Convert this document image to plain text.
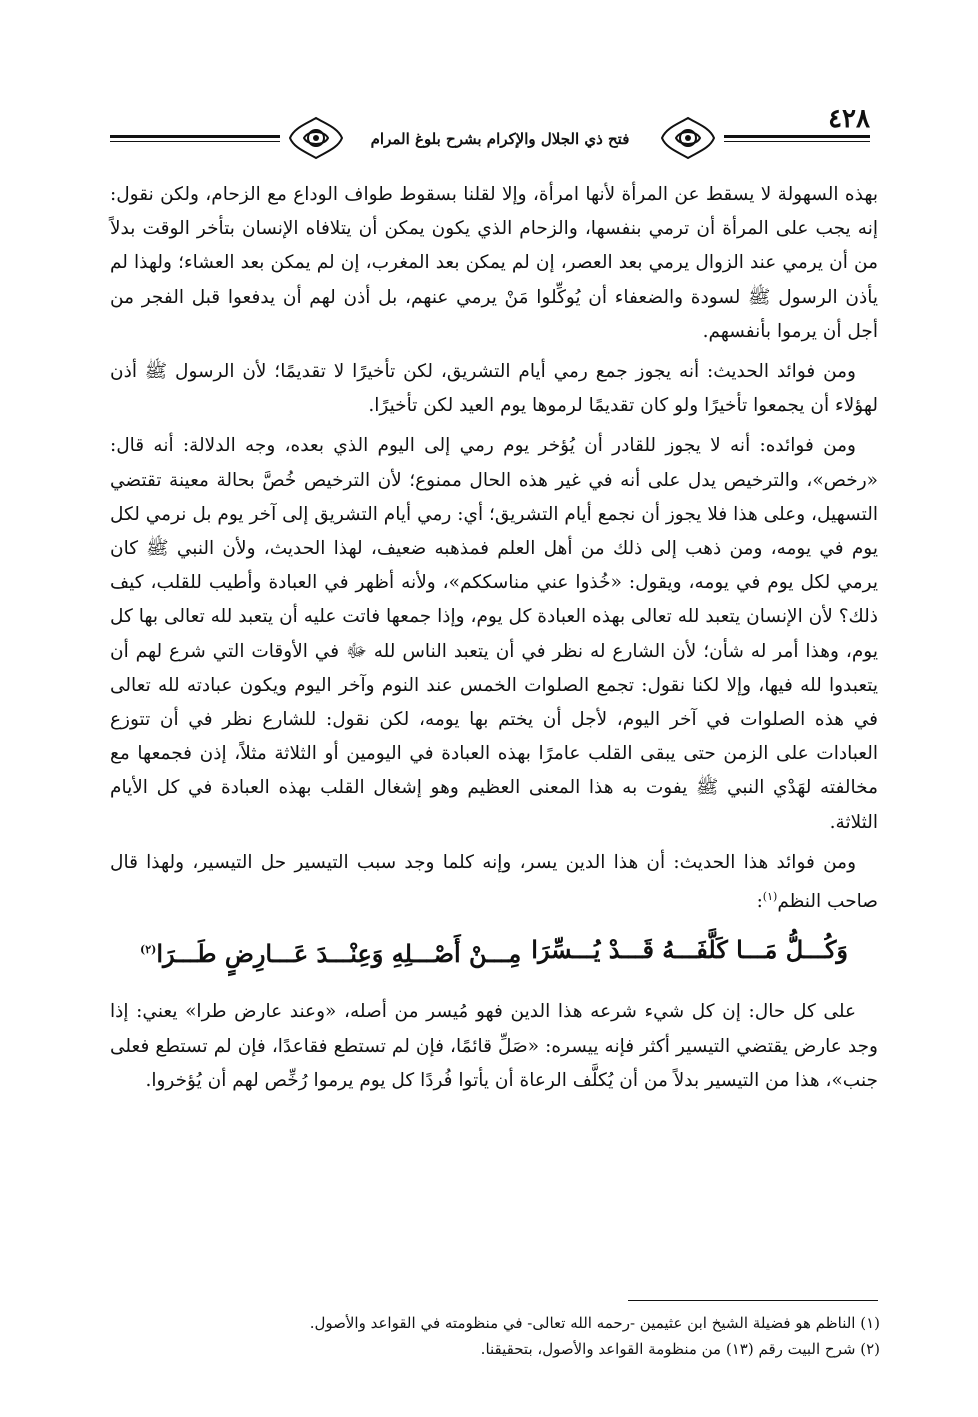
فتح ذي الجلال والإكرام بشرح بلوغ المرام
٤٢٨

بهذه السهولة لا يسقط عن المرأة لأنها امرأة، وإلا لقلنا بسقوط طواف الوداع مع الزحام، ولكن نقول: إنه يجب على المرأة أن ترمي بنفسها، والزحام الذي يكون يمكن أن يتلافاه الإنسان بتأخر الوقت بدلاً من أن يرمي عند الزوال يرمي بعد العصر، إن لم يمكن بعد المغرب، إن لم يمكن بعد العشاء؛ ولهذا لم يأذن الرسول ﷺ لسودة والضعفاء أن يُوكِّلوا مَنْ يرمي عنهم، بل أذن لهم أن يدفعوا قبل الفجر من أجل أن يرموا بأنفسهم.

ومن فوائد الحديث: أنه يجوز جمع رمي أيام التشريق، لكن تأخيرًا لا تقديمًا؛ لأن الرسول ﷺ أذن لهؤلاء أن يجمعوا تأخيرًا ولو كان تقديمًا لرموها يوم العيد لكن تأخيرًا.

ومن فوائده: أنه لا يجوز للقادر أن يُؤخر يوم رمي إلى اليوم الذي بعده، وجه الدلالة: أنه قال: «رخص»، والترخيص يدل على أنه في غير هذه الحال ممنوع؛ لأن الترخيص خُصَّ بحالة معينة تقتضي التسهيل، وعلى هذا فلا يجوز أن نجمع أيام التشريق؛ أي: رمي أيام التشريق إلى آخر يوم بل نرمي لكل يوم في يومه، ومن ذهب إلى ذلك من أهل العلم فمذهبه ضعيف، لهذا الحديث، ولأن النبي ﷺ كان يرمي لكل يوم في يومه، ويقول: «خُذوا عني مناسككم»، ولأنه أظهر في العبادة وأطيب للقلب، كيف ذلك؟ لأن الإنسان يتعبد لله تعالى بهذه العبادة كل يوم، وإذا جمعها فاتت عليه أن يتعبد لله تعالى بها كل يوم، وهذا أمر له شأن؛ لأن الشارع له نظر في أن يتعبد الناس لله ﷻ في الأوقات التي شرع لهم أن يتعبدوا لله فيها، وإلا لكنا نقول: تجمع الصلوات الخمس عند النوم وآخر اليوم ويكون عبادته لله تعالى في هذه الصلوات في آخر اليوم، لأجل أن يختم بها يومه، لكن نقول: للشارع نظر في أن تتوزع العبادات على الزمن حتى يبقى القلب عامرًا بهذه العبادة في اليومين أو الثلاثة مثلاً، إذن فجمعها مع مخالفته لهَدْي النبي ﷺ يفوت به هذا المعنى العظيم وهو إشغال القلب بهذه العبادة في كل الأيام الثلاثة.

ومن فوائد هذا الحديث: أن هذا الدين يسر، وإنه كلما وجد سبب التيسير حل التيسير، ولهذا قال صاحب النظم$^{(١)}$:

وَكُـــلُّ مَـــا كَلَّفَـــهُ قَـــدْ يُـــسِّرَا
مِـــنْ أَصْـــلِهِ وَعِنْـــدَ عَـــارِضٍ طَـــرَا$^{(٢)}$

على كل حال: إن كل شيء شرعه هذا الدين فهو مُيسر من أصله، «وعند عارض طرا» يعني: إذا وجد عارض يقتضي التيسير أكثر فإنه ييسره: «صَلِّ قائمًا، فإن لم تستطع فقاعدًا، فإن لم تستطع فعلى جنب»، هذا من التيسير بدلاً من أن يُكلَّف الرعاة أن يأتوا فُردًا كل يوم يرموا رُخِّص لهم أن يُؤخروا.

(١) الناظم هو فضيلة الشيخ ابن عثيمين -رحمه الله تعالى- في منظومته في القواعد والأصول.

(٢) شرح البيت رقم (١٣) من منظومة القواعد والأصول، بتحقيقنا.
